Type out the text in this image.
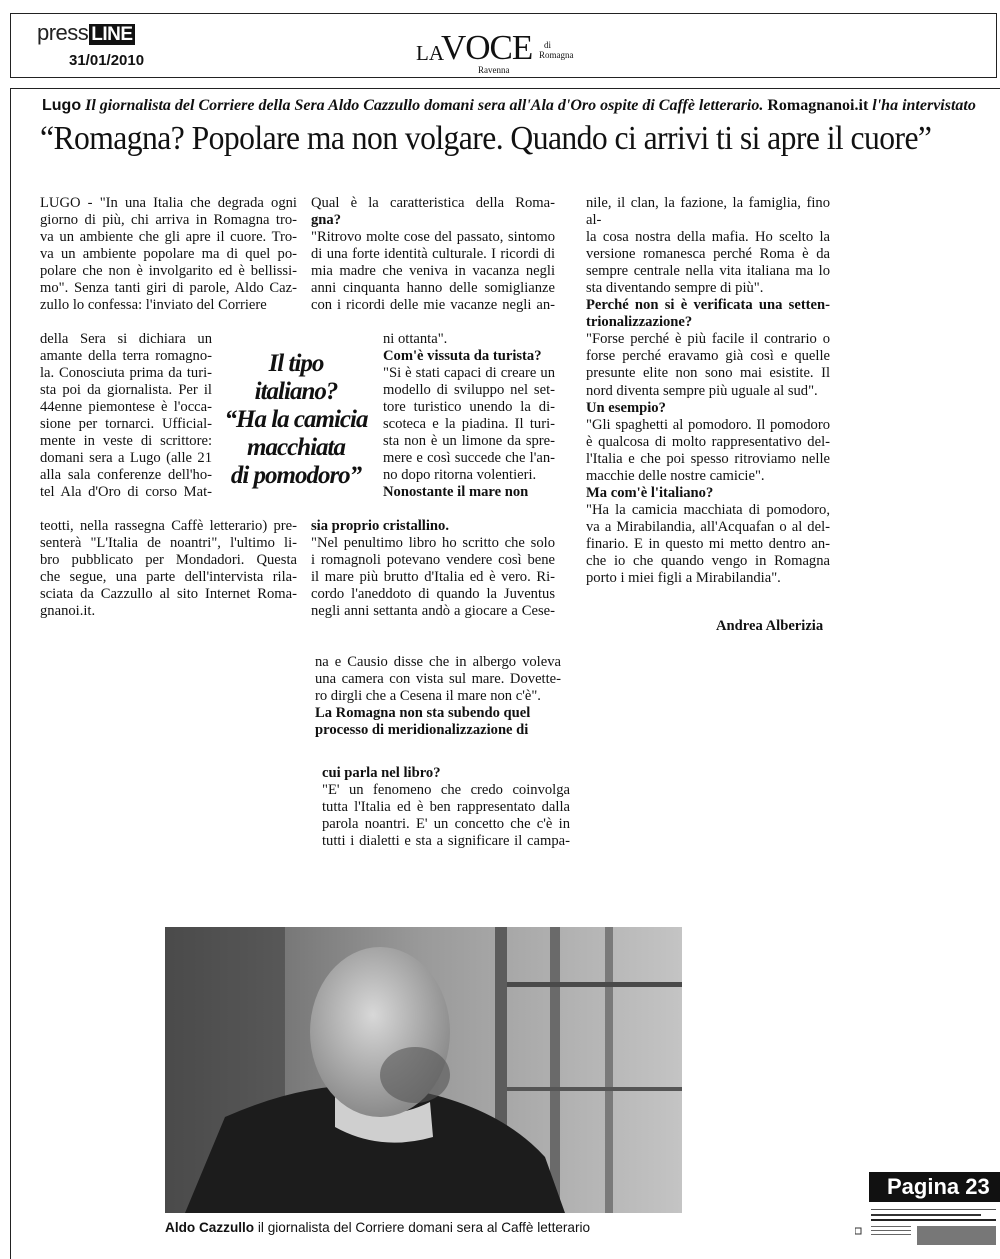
press LINE
31/01/2010	LA
VOCE di
Romagna
Ravenna
Lugo Il giornalista del Corriere della Sera Aldo Cazzullo domani sera all'Ala d'Oro ospite di Caffè letterario. Romagnanoi.it l'ha intervistato
“Romagna? Popolare ma non volgare. Quando ci arrivi ti si apre il cuore”
LUGO - "In una Italia che degrada ogni
giorno di più, chi arriva in Romagna tro-
va un ambiente che gli apre il cuore. Tro-
va un ambiente popolare ma di quel po-
polare che non è involgarito ed è bellissi-
mo". Senza tanti giri di parole, Aldo Caz-
zullo lo confessa: l'inviato del Corriere
della Sera si dichiara un
amante della terra romagno-
la. Conosciuta prima da turi-
sta poi da giornalista. Per il
44enne piemontese è l'occa-
sione per tornarci. Ufficial-
mente in veste di scrittore:
domani sera a Lugo (alle 21
alla sala conferenze dell'ho-
tel Ala d'Oro di corso Mat-
teotti, nella rassegna Caffè letterario) pre-
senterà "L'Italia de noantri", l'ultimo li-
bro pubblicato per Mondadori. Questa
che segue, una parte dell'intervista rila-
sciata da Cazzullo al sito Internet Roma-
gnanoi.it.
Il tipo
italiano?
“Ha la camicia
macchiata
di pomodoro”
Qual è la caratteristica della Roma-
gna?
"Ritrovo molte cose del passato, sintomo
di una forte identità culturale. I ricordi di
mia madre che veniva in vacanza negli
anni cinquanta hanno delle somiglianze
con i ricordi delle mie vacanze negli an-
ni ottanta".
Com'è vissuta da turista?
"Si è stati capaci di creare un
modello di sviluppo nel set-
tore turistico unendo la di-
scoteca e la piadina. Il turi-
sta non è un limone da spre-
mere e così succede che l'an-
no dopo ritorna volentieri.
Nonostante il mare non
sia proprio cristallino.
"Nel penultimo libro ho scritto che solo
i romagnoli potevano vendere così bene
il mare più brutto d'Italia ed è vero. Ri-
cordo l'aneddoto di quando la Juventus
negli anni settanta andò a giocare a Cese-
na e Causio disse che in albergo voleva
una camera con vista sul mare. Dovette-
ro dirgli che a Cesena il mare non c'è".
La Romagna non sta subendo quel
processo di meridionalizzazione di
cui parla nel libro?
"E' un fenomeno che credo coinvolga
tutta l'Italia ed è ben rappresentato dalla
parola noantri. E' un concetto che c'è in
tutti i dialetti e sta a significare il campa-
nile, il clan, la fazione, la famiglia, fino al-
la cosa nostra della mafia. Ho scelto la
versione romanesca perché Roma è da
sempre centrale nella vita italiana ma lo
sta diventando sempre di più".
Perché non si è verificata una setten-
trionalizzazione?
"Forse perché è più facile il contrario o
forse perché eravamo già così e quelle
presunte elite non sono mai esistite. Il
nord diventa sempre più uguale al sud".
Un esempio?
"Gli spaghetti al pomodoro. Il pomodoro
è qualcosa di molto rappresentativo del-
l'Italia e che poi spesso ritroviamo nelle
macchie delle nostre camicie".
Ma com'è l'italiano?
"Ha la camicia macchiata di pomodoro,
va a Mirabilandia, all'Acquafan o al del-
finario. E in questo mi metto dentro an-
che io che quando vengo in Romagna
porto i miei figli a Mirabilandia".
Andrea Alberizia
Aldo Cazzullo il giornalista del Corriere domani sera al Caffè letterario
Pagina 23
